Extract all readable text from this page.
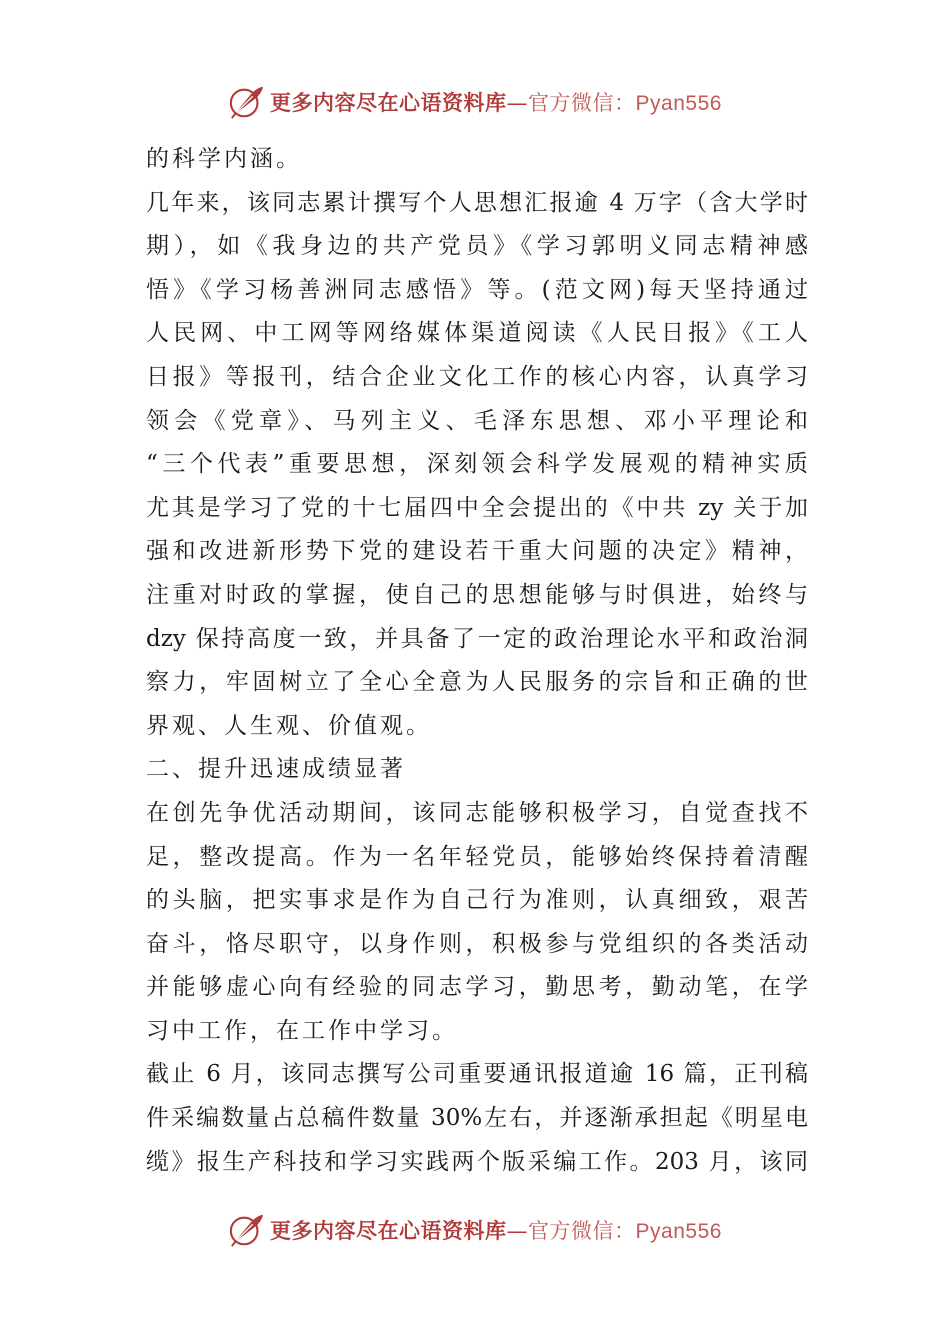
更多内容尽在心语资料库—官方微信：Pyan556
的科学内涵。
几年来，该同志累计撰写个人思想汇报逾 4 万字（含大学时
期），如《我身边的共产党员》《学习郭明义同志精神感
悟》《学习杨善洲同志感悟》等。(范文网)每天坚持通过
人民网、中工网等网络媒体渠道阅读《人民日报》《工人
日报》等报刊，结合企业文化工作的核心内容，认真学习
领会《党章》、马列主义、毛泽东思想、邓小平理论和
“三个代表”重要思想，深刻领会科学发展观的精神实质
尤其是学习了党的十七届四中全会提出的《中共 zy 关于加
强和改进新形势下党的建设若干重大问题的决定》精神，
注重对时政的掌握，使自己的思想能够与时俱进，始终与
dzy 保持高度一致，并具备了一定的政治理论水平和政治洞
察力，牢固树立了全心全意为人民服务的宗旨和正确的世
界观、人生观、价值观。
二、提升迅速成绩显著
在创先争优活动期间，该同志能够积极学习，自觉查找不
足，整改提高。作为一名年轻党员，能够始终保持着清醒
的头脑，把实事求是作为自己行为准则，认真细致，艰苦
奋斗，恪尽职守，以身作则，积极参与党组织的各类活动
并能够虚心向有经验的同志学习，勤思考，勤动笔，在学
习中工作，在工作中学习。
截止 6 月，该同志撰写公司重要通讯报道逾 16 篇，正刊稿
件采编数量占总稿件数量 30%左右，并逐渐承担起《明星电
缆》报生产科技和学习实践两个版采编工作。203 月，该同
更多内容尽在心语资料库—官方微信：Pyan556
